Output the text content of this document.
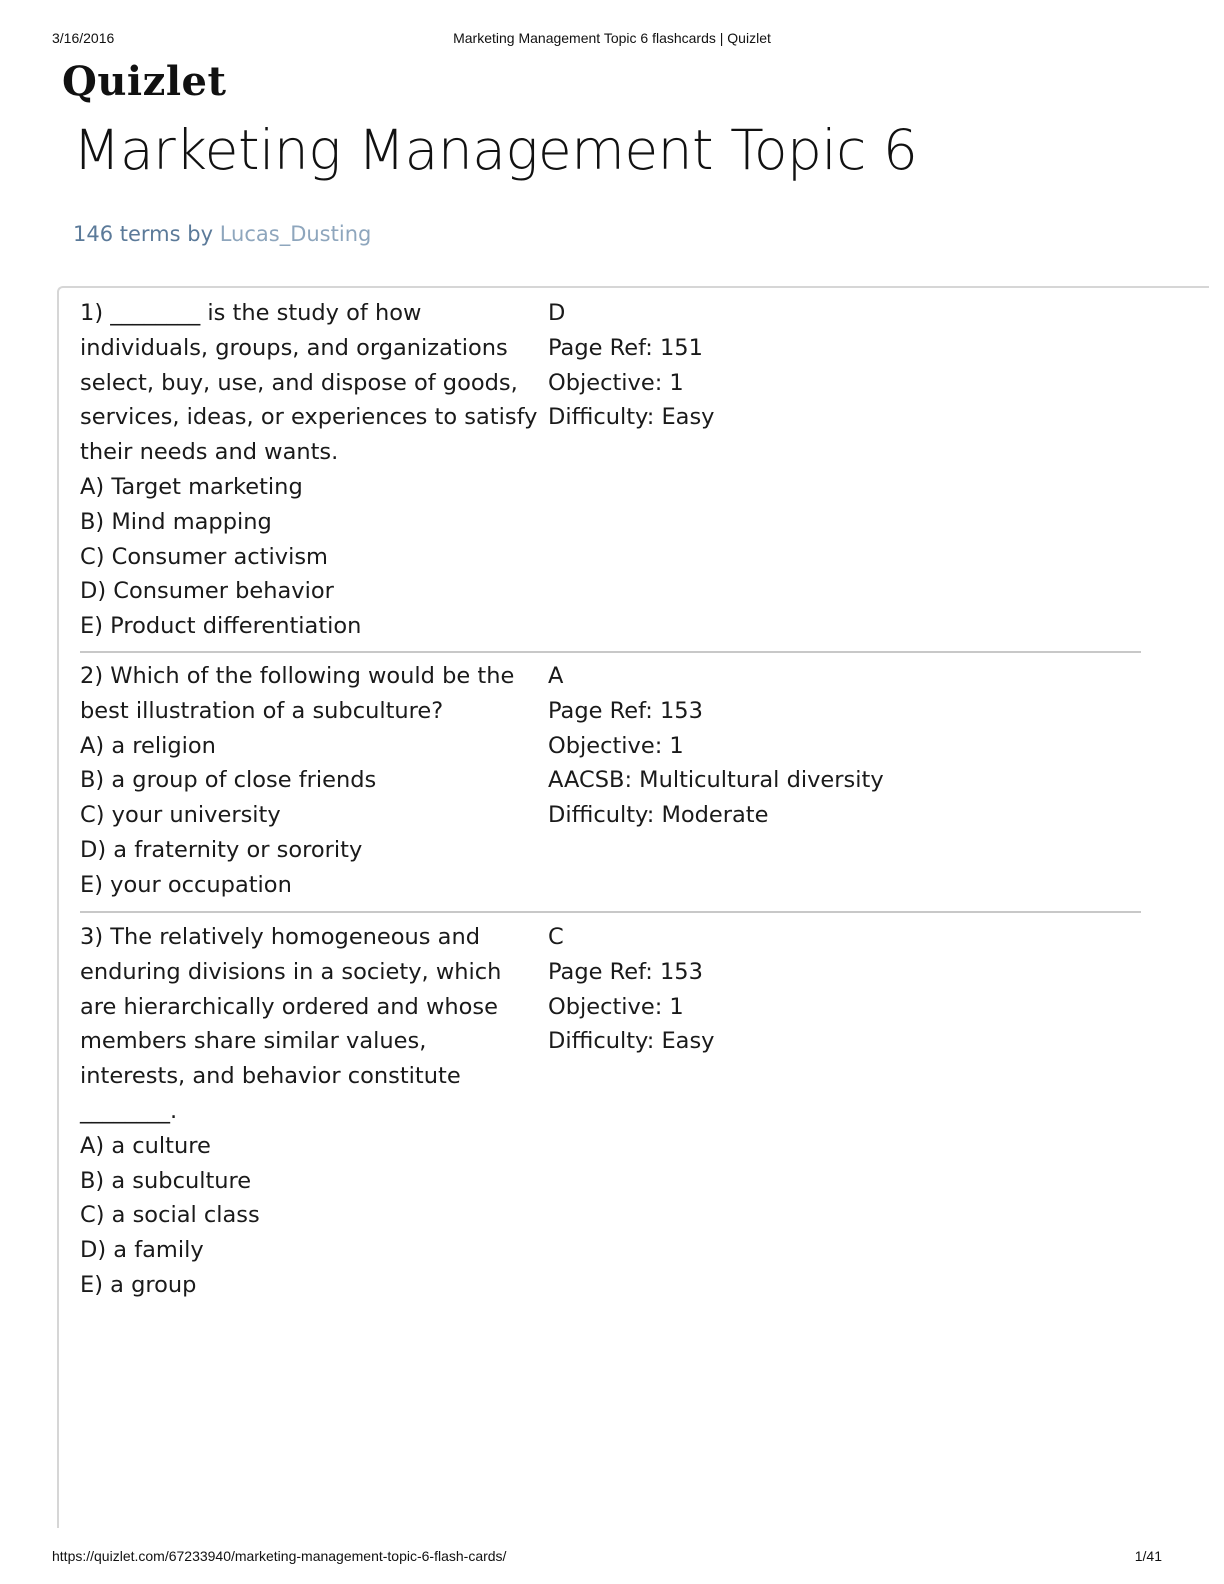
3/16/2016	Marketing Management Topic 6 flashcards | Quizlet
Quizlet
Marketing Management Topic 6
146 terms by Lucas_Dusting
1) ________ is the study of how
individuals, groups, and organizations
select, buy, use, and dispose of goods,
services, ideas, or experiences to satisfy
their needs and wants.
A) Target marketing
B) Mind mapping
C) Consumer activism
D) Consumer behavior
E) Product differentiation
D
Page Ref: 151
Objective: 1
Difficulty: Easy
2) Which of the following would be the
best illustration of a subculture?
A) a religion
B) a group of close friends
C) your university
D) a fraternity or sorority
E) your occupation
A
Page Ref: 153
Objective: 1
AACSB: Multicultural diversity
Difficulty: Moderate
3) The relatively homogeneous and
enduring divisions in a society, which
are hierarchically ordered and whose
members share similar values,
interests, and behavior constitute
________.
A) a culture
B) a subculture
C) a social class
D) a family
E) a group
C
Page Ref: 153
Objective: 1
Difficulty: Easy
https://quizlet.com/67233940/marketing-management-topic-6-flash-cards/	1/41
